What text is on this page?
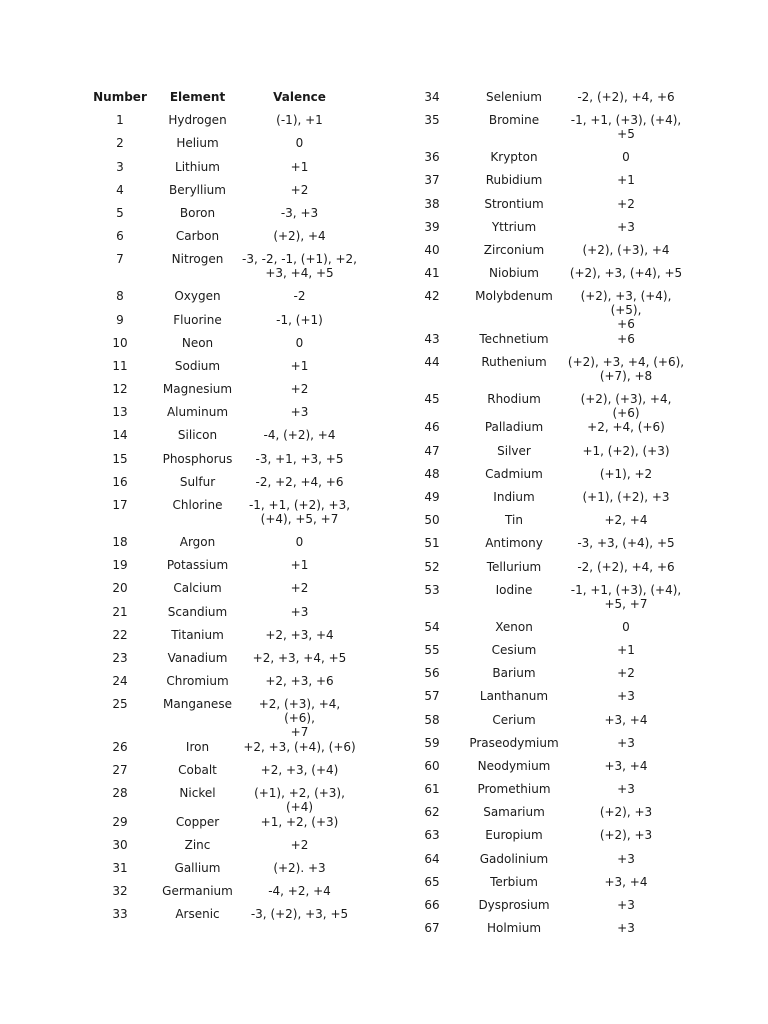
Number	Element	Valence
1	Hydrogen	(-1), +1
2	Helium	0
3	Lithium	+1
4	Beryllium	+2
5	Boron	-3, +3
6	Carbon	(+2), +4
7	Nitrogen	-3, -2, -1, (+1), +2,
+3, +4, +5
8	Oxygen	-2
9	Fluorine	-1, (+1)
10	Neon	0
11	Sodium	+1
12	Magnesium	+2
13	Aluminum	+3
14	Silicon	-4, (+2), +4
15	Phosphorus	-3, +1, +3, +5
16	Sulfur	-2, +2, +4, +6
17	Chlorine	-1, +1, (+2), +3,
(+4), +5, +7
18	Argon	0
19	Potassium	+1
20	Calcium	+2
21	Scandium	+3
22	Titanium	+2, +3, +4
23	Vanadium	+2, +3, +4, +5
24	Chromium	+2, +3, +6
25	Manganese	+2, (+3), +4, (+6),
+7
26	Iron	+2, +3, (+4), (+6)
27	Cobalt	+2, +3, (+4)
28	Nickel	(+1), +2, (+3), (+4)
29	Copper	+1, +2, (+3)
30	Zinc	+2
31	Gallium	(+2). +3
32	Germanium	-4, +2, +4
33	Arsenic	-3, (+2), +3, +5
34	Selenium	-2, (+2), +4, +6
35	Bromine	-1, +1, (+3), (+4),
+5
36	Krypton	0
37	Rubidium	+1
38	Strontium	+2
39	Yttrium	+3
40	Zirconium	(+2), (+3), +4
41	Niobium	(+2), +3, (+4), +5
42	Molybdenum	(+2), +3, (+4), (+5),
+6
43	Technetium	+6
44	Ruthenium	(+2), +3, +4, (+6),
(+7), +8
45	Rhodium	(+2), (+3), +4, (+6)
46	Palladium	+2, +4, (+6)
47	Silver	+1, (+2), (+3)
48	Cadmium	(+1), +2
49	Indium	(+1), (+2), +3
50	Tin	+2, +4
51	Antimony	-3, +3, (+4), +5
52	Tellurium	-2, (+2), +4, +6
53	Iodine	-1, +1, (+3), (+4),
+5, +7
54	Xenon	0
55	Cesium	+1
56	Barium	+2
57	Lanthanum	+3
58	Cerium	+3, +4
59	Praseodymium	+3
60	Neodymium	+3, +4
61	Promethium	+3
62	Samarium	(+2), +3
63	Europium	(+2), +3
64	Gadolinium	+3
65	Terbium	+3, +4
66	Dysprosium	+3
67	Holmium	+3
